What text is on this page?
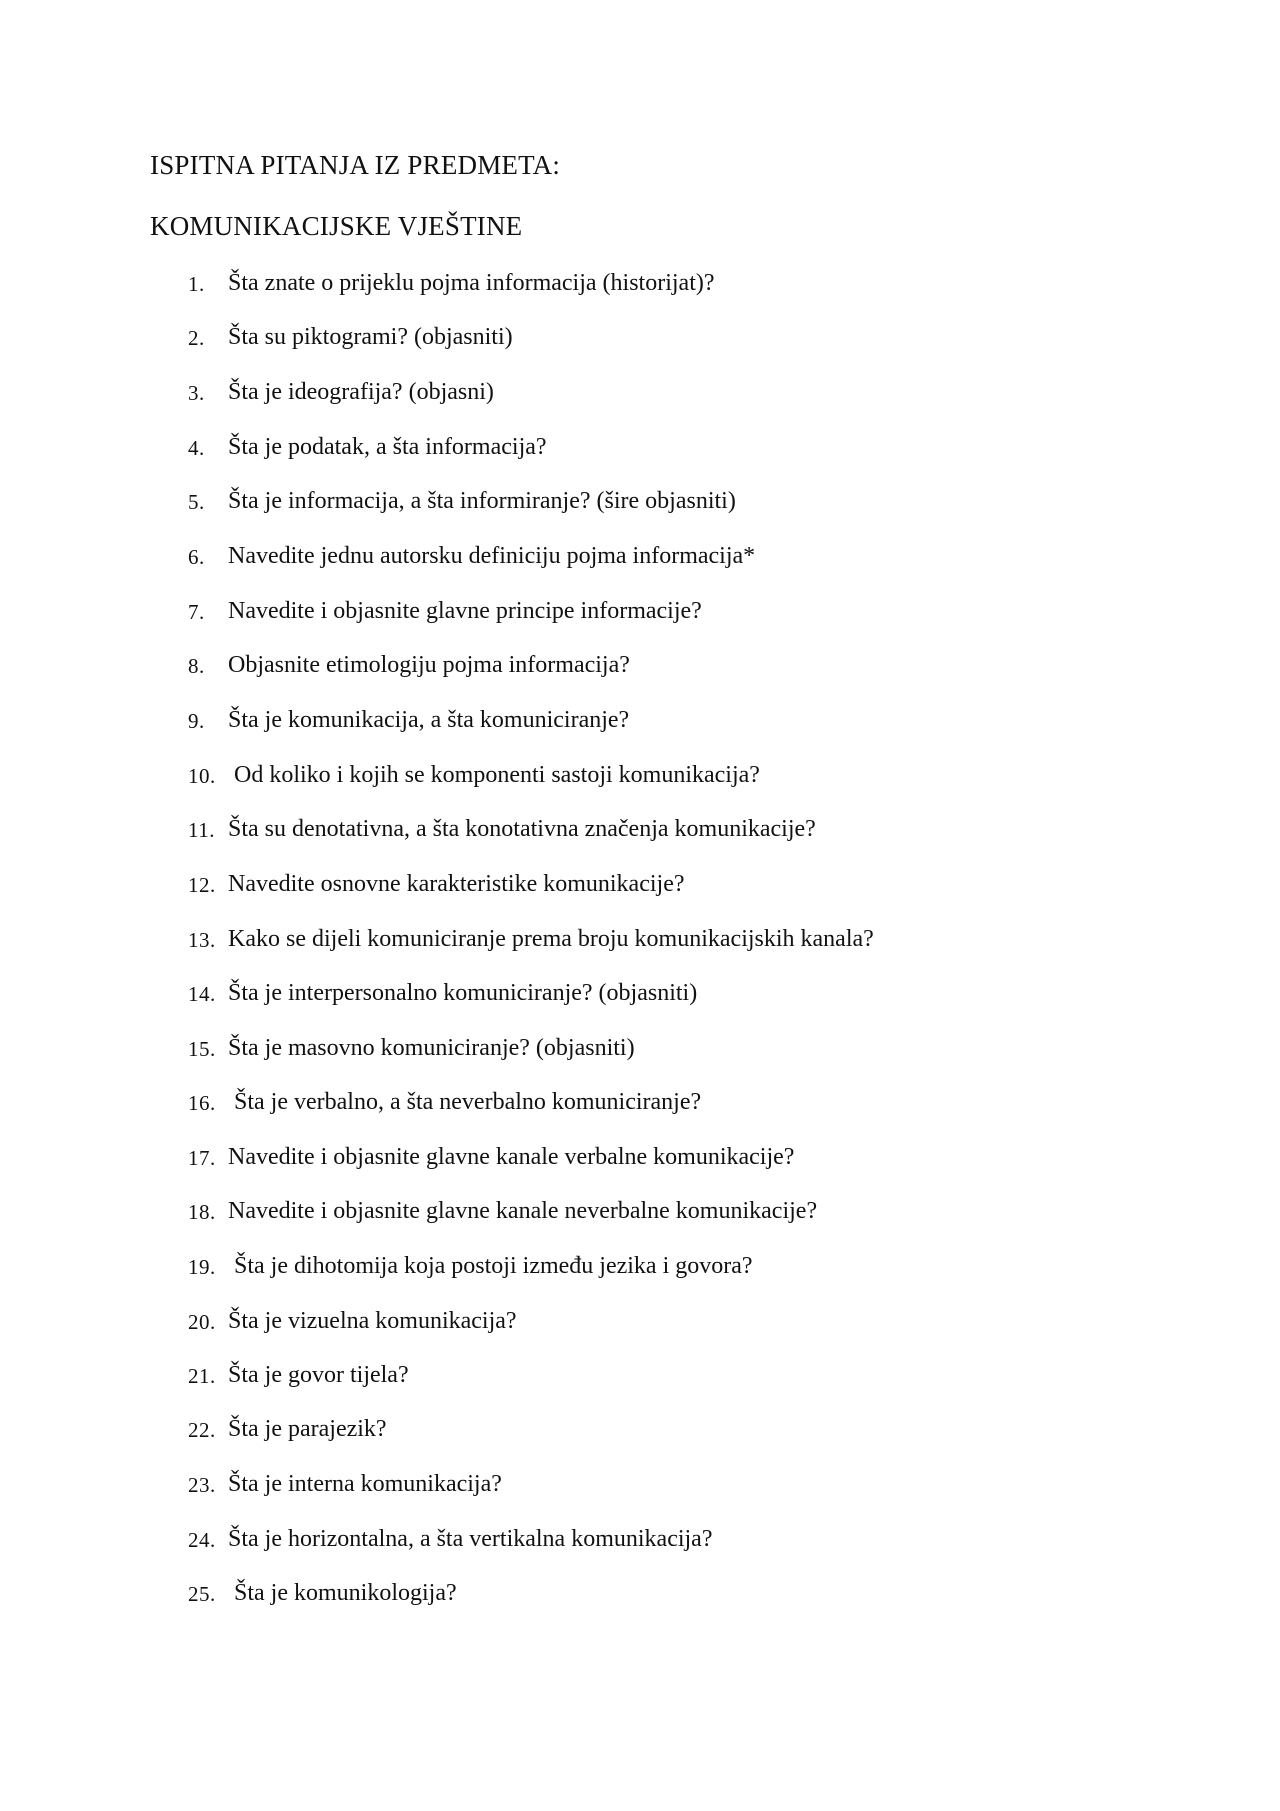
ISPITNA PITANJA IZ PREDMETA:
KOMUNIKACIJSKE VJEŠTINE
1. Šta znate o prijeklu pojma informacija (historijat)?
2. Šta su piktogrami? (objasniti)
3. Šta je ideografija? (objasni)
4. Šta je podatak, a šta informacija?
5. Šta je informacija, a šta informiranje? (šire objasniti)
6. Navedite jednu autorsku definiciju pojma informacija*
7. Navedite i objasnite glavne principe informacije?
8. Objasnite etimologiju pojma informacija?
9. Šta je komunikacija, a šta komuniciranje?
10. Od koliko i kojih se komponenti sastoji komunikacija?
11. Šta su denotativna, a šta konotativna značenja komunikacije?
12. Navedite osnovne karakteristike komunikacije?
13. Kako se dijeli komuniciranje prema broju komunikacijskih kanala?
14. Šta je interpersonalno komuniciranje? (objasniti)
15. Šta je masovno komuniciranje? (objasniti)
16. Šta je verbalno, a šta neverbalno komuniciranje?
17. Navedite i objasnite glavne kanale verbalne komunikacije?
18. Navedite i objasnite glavne kanale neverbalne komunikacije?
19. Šta je dihotomija koja postoji između jezika i govora?
20. Šta je vizuelna komunikacija?
21. Šta je govor tijela?
22. Šta je parajezik?
23. Šta je interna komunikacija?
24. Šta je horizontalna, a šta vertikalna komunikacija?
25. Šta je komunikologija?
